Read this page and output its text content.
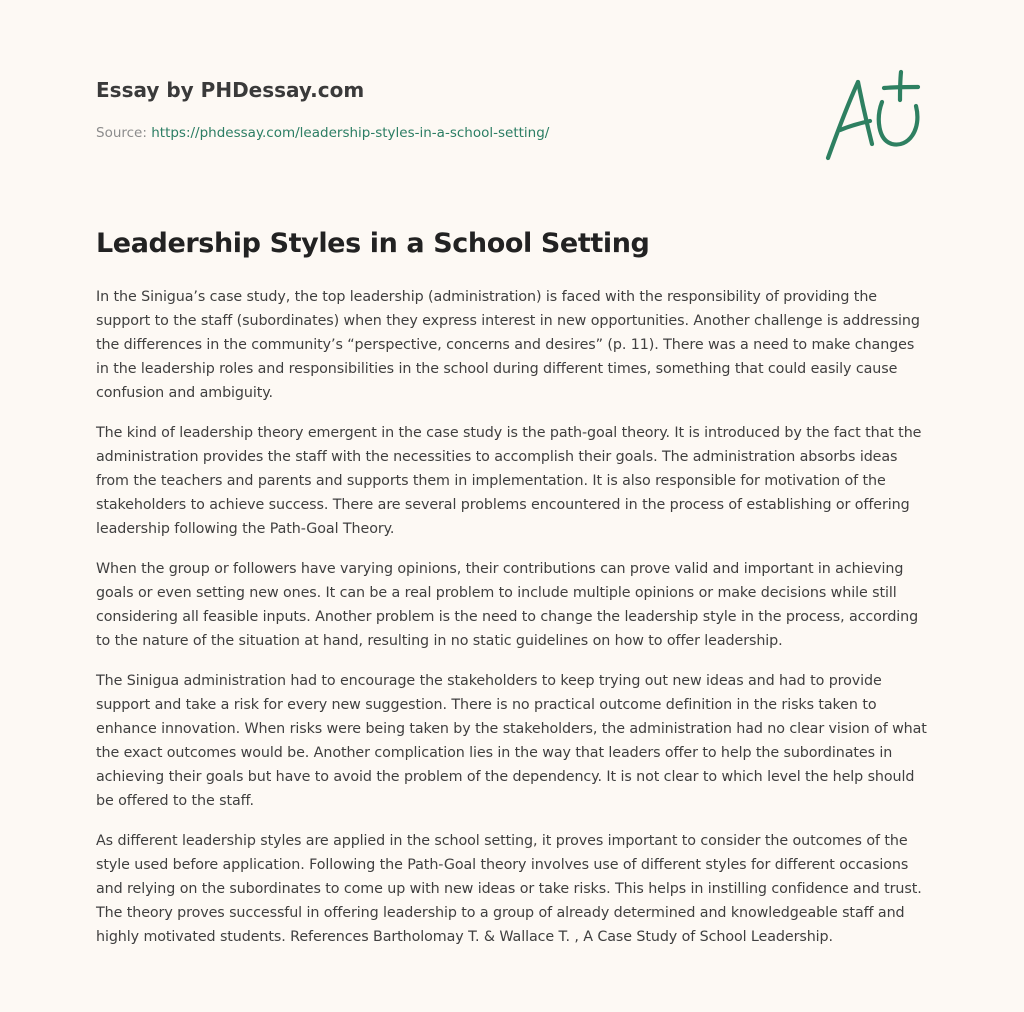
Essay by PHDessay.com
Source: https://phdessay.com/leadership-styles-in-a-school-setting/
Leadership Styles in a School Setting

In the Sinigua’s case study, the top leadership (administration) is faced with the responsibility of providing the support to the staff (subordinates) when they express interest in new opportunities. Another challenge is addressing the differences in the community’s “perspective, concerns and desires” (p. 11). There was a need to make changes in the leadership roles and responsibilities in the school during different times, something that could easily cause confusion and ambiguity.

The kind of leadership theory emergent in the case study is the path-goal theory. It is introduced by the fact that the administration provides the staff with the necessities to accomplish their goals. The administration absorbs ideas from the teachers and parents and supports them in implementation. It is also responsible for motivation of the stakeholders to achieve success. There are several problems encountered in the process of establishing or offering leadership following the Path-Goal Theory.

When the group or followers have varying opinions, their contributions can prove valid and important in achieving goals or even setting new ones. It can be a real problem to include multiple opinions or make decisions while still considering all feasible inputs. Another problem is the need to change the leadership style in the process, according to the nature of the situation at hand, resulting in no static guidelines on how to offer leadership.

The Sinigua administration had to encourage the stakeholders to keep trying out new ideas and had to provide support and take a risk for every new suggestion. There is no practical outcome definition in the risks taken to enhance innovation. When risks were being taken by the stakeholders, the administration had no clear vision of what the exact outcomes would be. Another complication lies in the way that leaders offer to help the subordinates in achieving their goals but have to avoid the problem of the dependency. It is not clear to which level the help should be offered to the staff.

As different leadership styles are applied in the school setting, it proves important to consider the outcomes of the style used before application. Following the Path-Goal theory involves use of different styles for different occasions and relying on the subordinates to come up with new ideas or take risks. This helps in instilling confidence and trust. The theory proves successful in offering leadership to a group of already determined and knowledgeable staff and highly motivated students. References Bartholomay T. & Wallace T. , A Case Study of School Leadership.
